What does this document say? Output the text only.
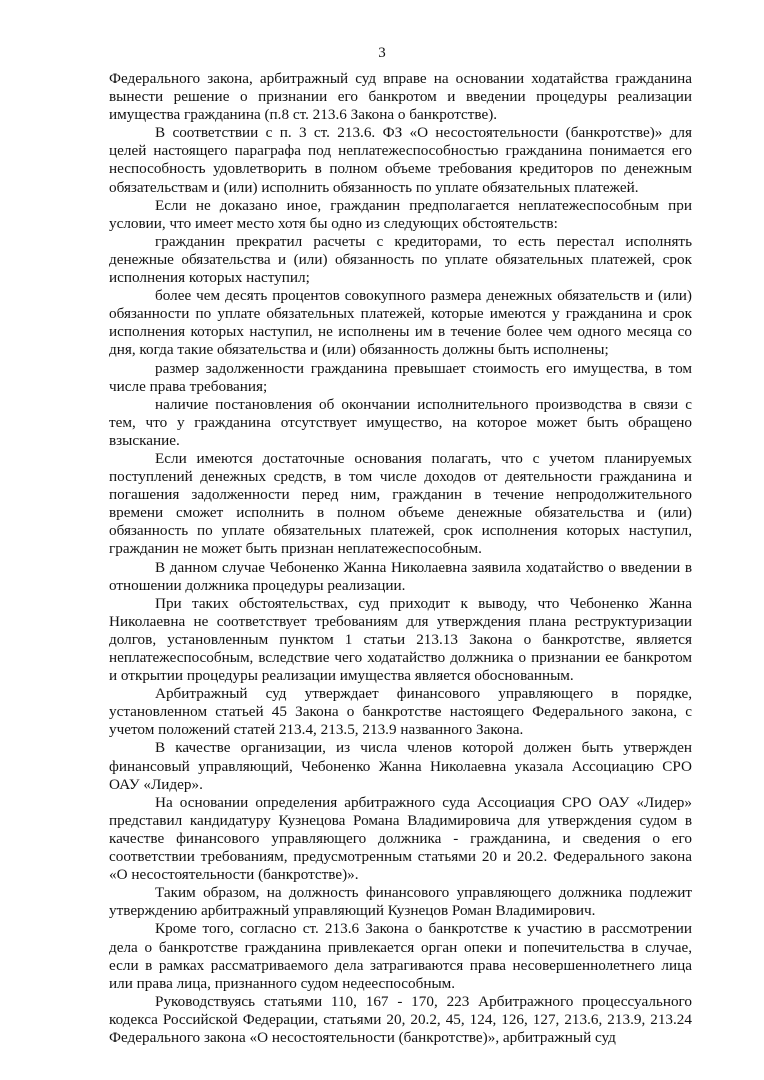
3

Федерального закона, арбитражный суд вправе на основании ходатайства гражданина вынести решение о признании его банкротом и введении процедуры реализации имущества гражданина (п.8 ст. 213.6 Закона о банкротстве).

В соответствии с п. 3 ст. 213.6. ФЗ «О несостоятельности (банкротстве)» для целей настоящего параграфа под неплатежеспособностью гражданина понимается его неспособность удовлетворить в полном объеме требования кредиторов по денежным обязательствам и (или) исполнить обязанность по уплате обязательных платежей.

Если не доказано иное, гражданин предполагается неплатежеспособным при условии, что имеет место хотя бы одно из следующих обстоятельств:

гражданин прекратил расчеты с кредиторами, то есть перестал исполнять денежные обязательства и (или) обязанность по уплате обязательных платежей, срок исполнения которых наступил;

более чем десять процентов совокупного размера денежных обязательств и (или) обязанности по уплате обязательных платежей, которые имеются у гражданина и срок исполнения которых наступил, не исполнены им в течение более чем одного месяца со дня, когда такие обязательства и (или) обязанность должны быть исполнены;

размер задолженности гражданина превышает стоимость его имущества, в том числе права требования;

наличие постановления об окончании исполнительного производства в связи с тем, что у гражданина отсутствует имущество, на которое может быть обращено взыскание.

Если имеются достаточные основания полагать, что с учетом планируемых поступлений денежных средств, в том числе доходов от деятельности гражданина и погашения задолженности перед ним, гражданин в течение непродолжительного времени сможет исполнить в полном объеме денежные обязательства и (или) обязанность по уплате обязательных платежей, срок исполнения которых наступил, гражданин не может быть признан неплатежеспособным.

В данном случае Чебоненко Жанна Николаевна заявила ходатайство о введении в отношении должника процедуры реализации.

При таких обстоятельствах, суд приходит к выводу, что Чебоненко Жанна Николаевна не соответствует требованиям для утверждения плана реструктуризации долгов, установленным пунктом 1 статьи 213.13 Закона о банкротстве, является неплатежеспособным, вследствие чего ходатайство должника о признании ее банкротом и открытии процедуры реализации имущества является обоснованным.

Арбитражный суд утверждает финансового управляющего в порядке, установленном статьей 45 Закона о банкротстве настоящего Федерального закона, с учетом положений статей 213.4, 213.5, 213.9 названного Закона.

В качестве организации, из числа членов которой должен быть утвержден финансовый управляющий, Чебоненко Жанна Николаевна указала Ассоциацию СРО ОАУ «Лидер».

На основании определения арбитражного суда Ассоциация СРО ОАУ «Лидер» представил кандидатуру Кузнецова Романа Владимировича для утверждения судом в качестве финансового управляющего должника - гражданина, и сведения о его соответствии требованиям, предусмотренным статьями 20 и 20.2. Федерального закона «О несостоятельности (банкротстве)».

Таким образом, на должность финансового управляющего должника подлежит утверждению арбитражный управляющий Кузнецов Роман Владимирович.

Кроме того, согласно ст. 213.6 Закона о банкротстве к участию в рассмотрении дела о банкротстве гражданина привлекается орган опеки и попечительства в случае, если в рамках рассматриваемого дела затрагиваются права несовершеннолетнего лица или права лица, признанного судом недееспособным.

Руководствуясь статьями 110, 167 - 170, 223 Арбитражного процессуального кодекса Российской Федерации, статьями 20, 20.2, 45, 124, 126, 127, 213.6, 213.9, 213.24 Федерального закона «О несостоятельности (банкротстве)», арбитражный суд
